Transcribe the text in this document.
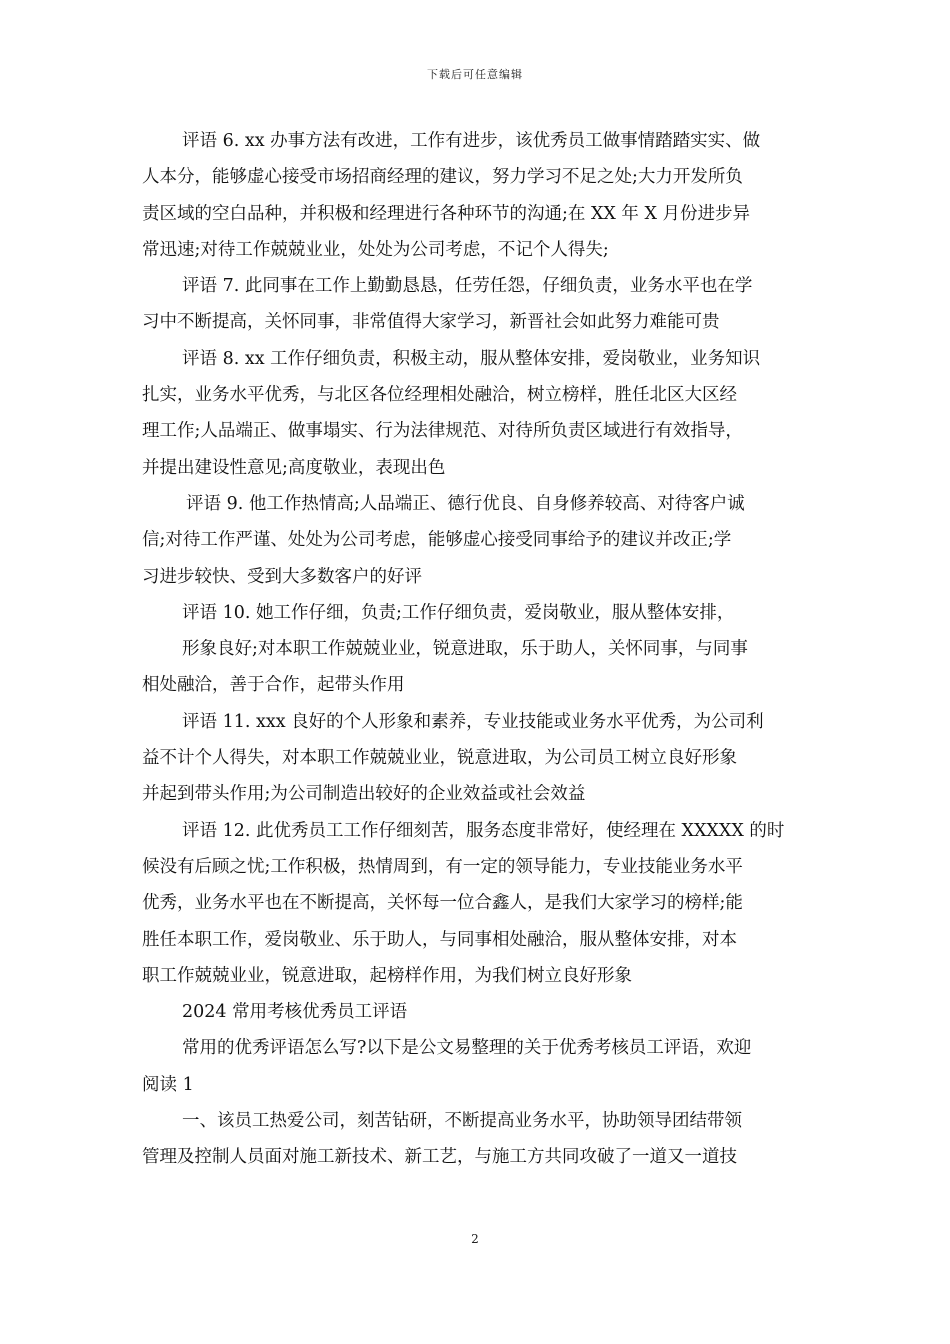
下载后可任意编辑
评语 6. xx 办事方法有改进，工作有进步，该优秀员工做事情踏踏实实、做
人本分，能够虚心接受市场招商经理的建议，努力学习不足之处;大力开发所负
责区域的空白品种，并积极和经理进行各种环节的沟通;在 XX 年 X 月份进步异
常迅速;对待工作兢兢业业，处处为公司考虑，不记个人得失;
评语 7. 此同事在工作上勤勤恳恳，任劳任怨，仔细负责，业务水平也在学
习中不断提高，关怀同事，非常值得大家学习，新晋社会如此努力难能可贵
评语 8. xx 工作仔细负责，积极主动，服从整体安排，爱岗敬业，业务知识
扎实，业务水平优秀，与北区各位经理相处融洽，树立榜样，胜任北区大区经
理工作;人品端正、做事塌实、行为法律规范、对待所负责区域进行有效指导，
并提出建设性意见;高度敬业，表现出色
评语 9. 他工作热情高;人品端正、德行优良、自身修养较高、对待客户诚
信;对待工作严谨、处处为公司考虑，能够虚心接受同事给予的建议并改正;学
习进步较快、受到大多数客户的好评
评语 10. 她工作仔细，负责;工作仔细负责，爱岗敬业，服从整体安排，
形象良好;对本职工作兢兢业业，锐意进取，乐于助人，关怀同事，与同事
相处融洽，善于合作，起带头作用
评语 11. xxx 良好的个人形象和素养，专业技能或业务水平优秀，为公司利
益不计个人得失，对本职工作兢兢业业，锐意进取，为公司员工树立良好形象
并起到带头作用;为公司制造出较好的企业效益或社会效益
评语 12. 此优秀员工工作仔细刻苦，服务态度非常好，使经理在 XXXXX 的时
候没有后顾之忧;工作积极，热情周到，有一定的领导能力，专业技能业务水平
优秀，业务水平也在不断提高，关怀每一位合鑫人，是我们大家学习的榜样;能
胜任本职工作，爱岗敬业、乐于助人，与同事相处融洽，服从整体安排，对本
职工作兢兢业业，锐意进取，起榜样作用，为我们树立良好形象
2024 常用考核优秀员工评语
常用的优秀评语怎么写?以下是公文易整理的关于优秀考核员工评语，欢迎
阅读 1
一、该员工热爱公司，刻苦钻研，不断提高业务水平，协助领导团结带领
管理及控制人员面对施工新技术、新工艺，与施工方共同攻破了一道又一道技
2
